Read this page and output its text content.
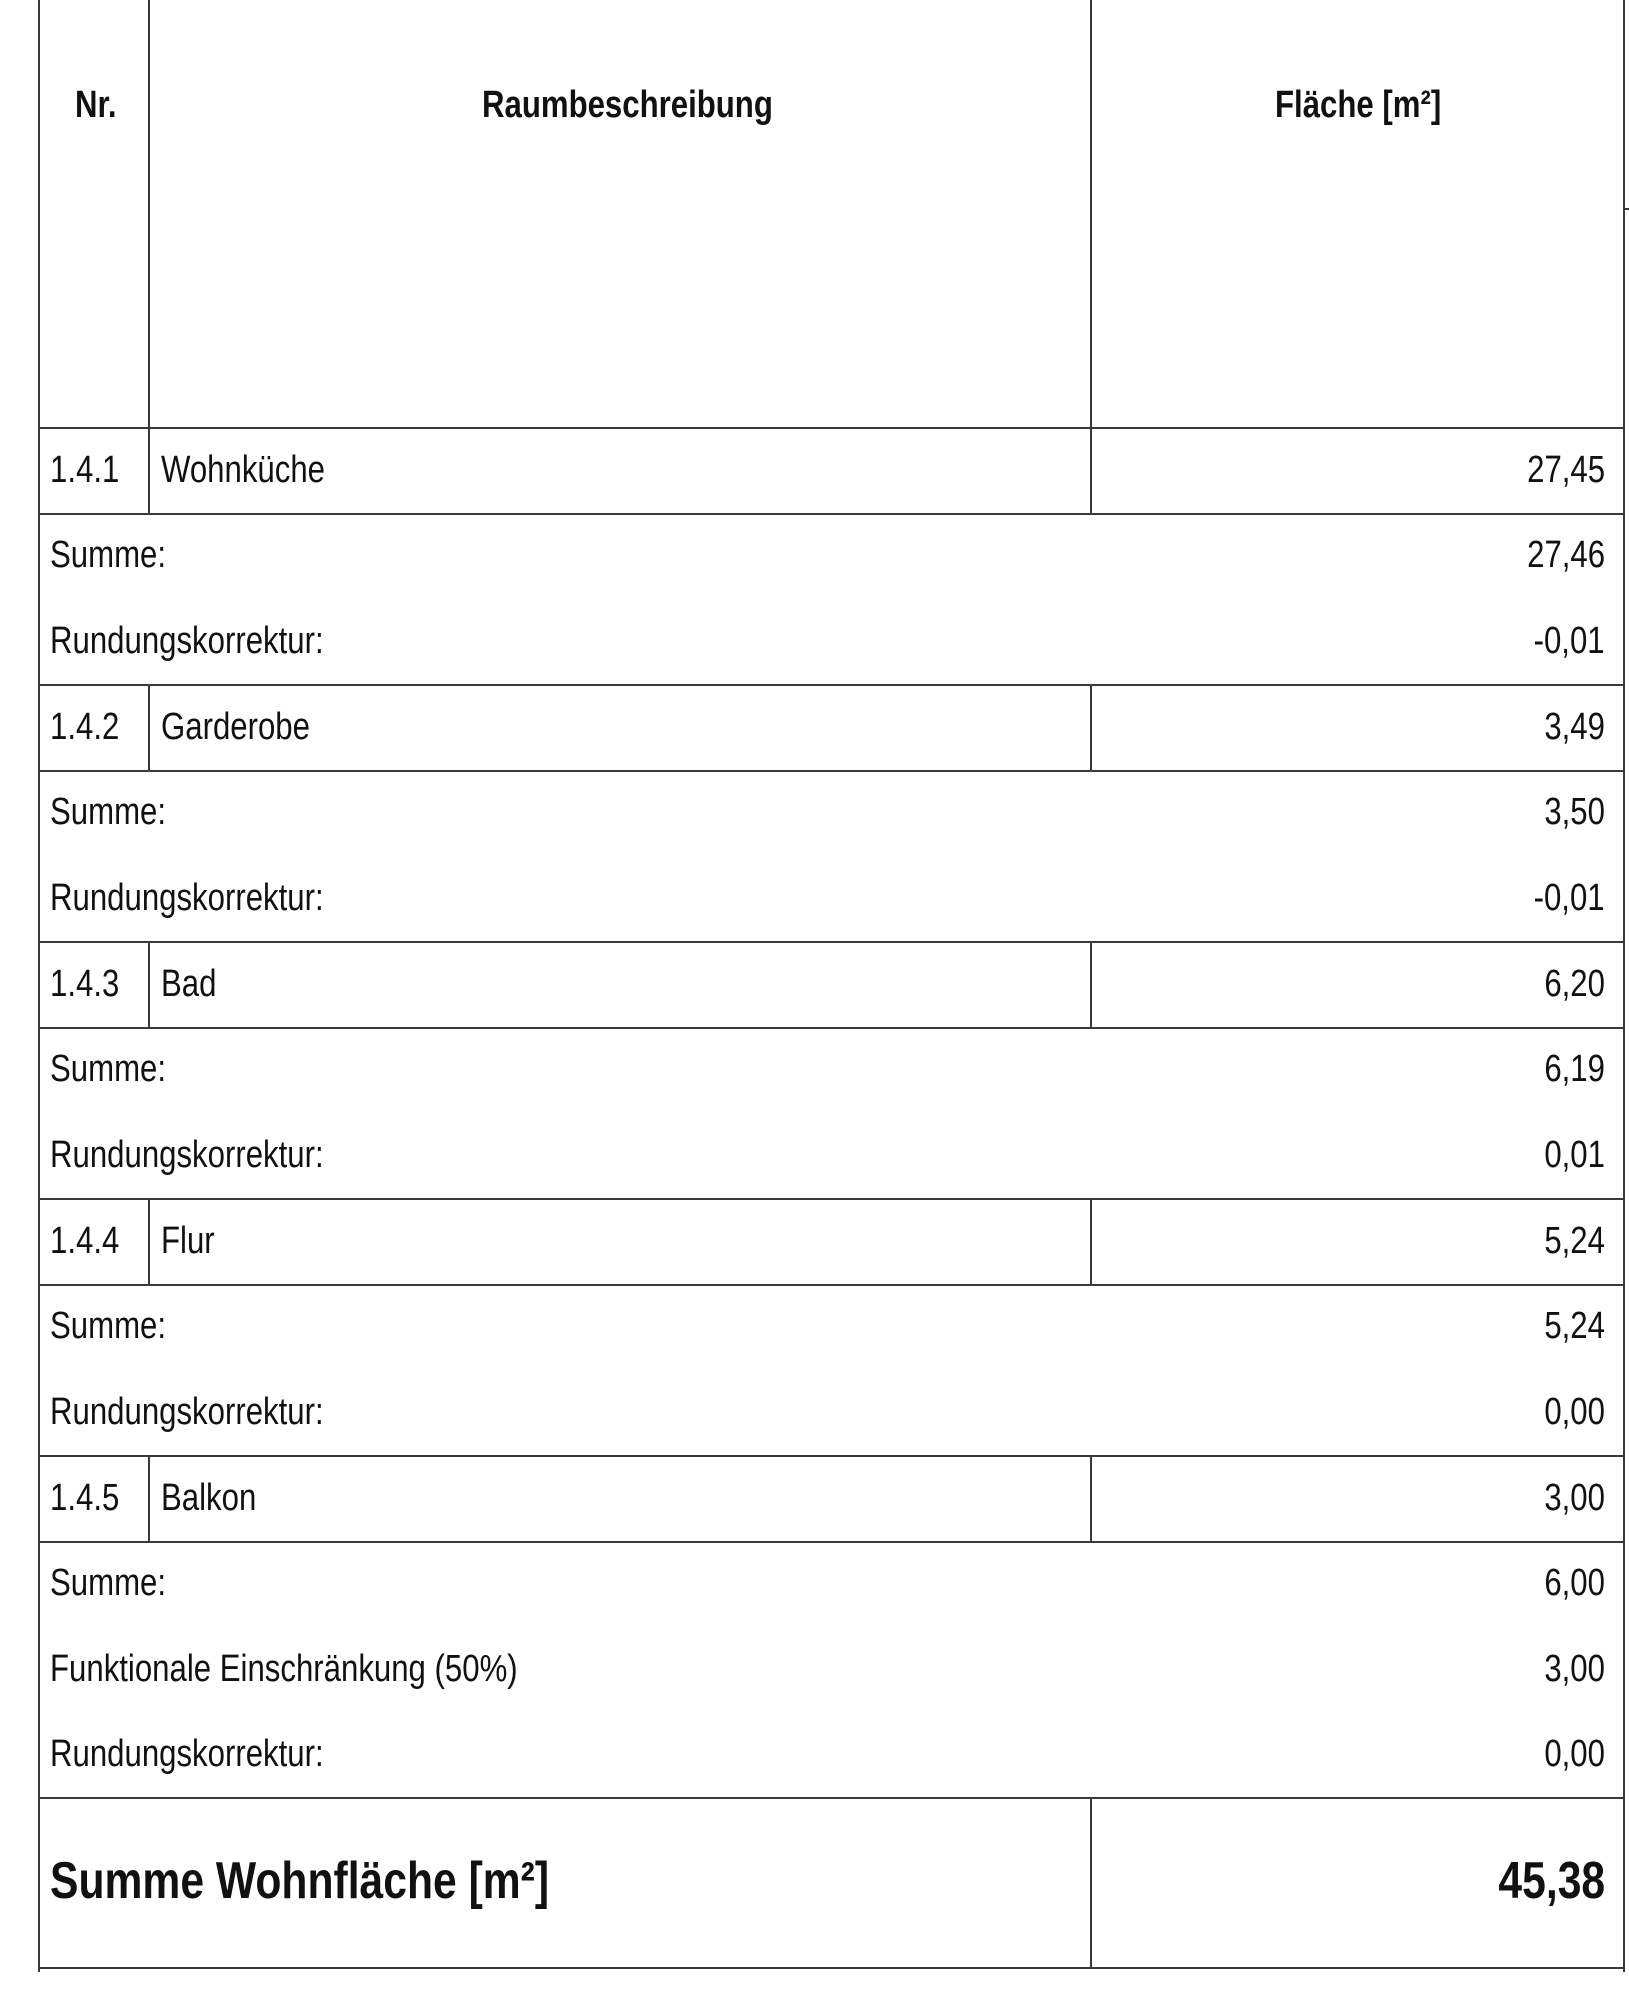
Nr.	Raumbeschreibung	Fläche [m²]
1.4.1 Wohnküche	27,45
Summe:	27,46
Rundungskorrektur:	-0,01
1.4.2 Garderobe	3,49
Summe:	3,50
Rundungskorrektur:	-0,01
1.4.3 Bad	6,20
Summe:	6,19
Rundungskorrektur:	0,01
1.4.4 Flur	5,24
Summe:	5,24
Rundungskorrektur:	0,00
1.4.5 Balkon	3,00
Summe:	6,00
Funktionale Einschränkung (50%)	3,00
Rundungskorrektur:	0,00
Summe Wohnfläche [m²]	45,38
